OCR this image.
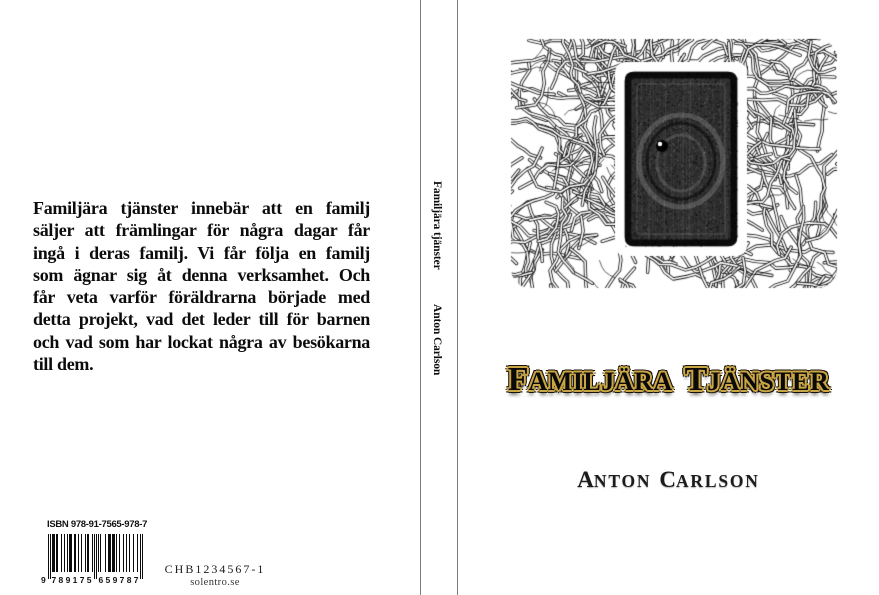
Familjära tjänster innebär att en familj
säljer att främlingar för några dagar får
ingå i deras familj. Vi får följa en familj
som ägnar sig åt denna verksamhet. Och
får veta varför föräldrarna började med
detta projekt, vad det leder till för barnen
och vad som har lockat några av besökarna
till dem.
ISBN 978-91-7565-978-7
9 789175 659787
CHB1234567-1
solentro.se
Familjära tjänster
Anton Carlson
FAMILJÄRA TJÄNSTER
ANTON CARLSON
